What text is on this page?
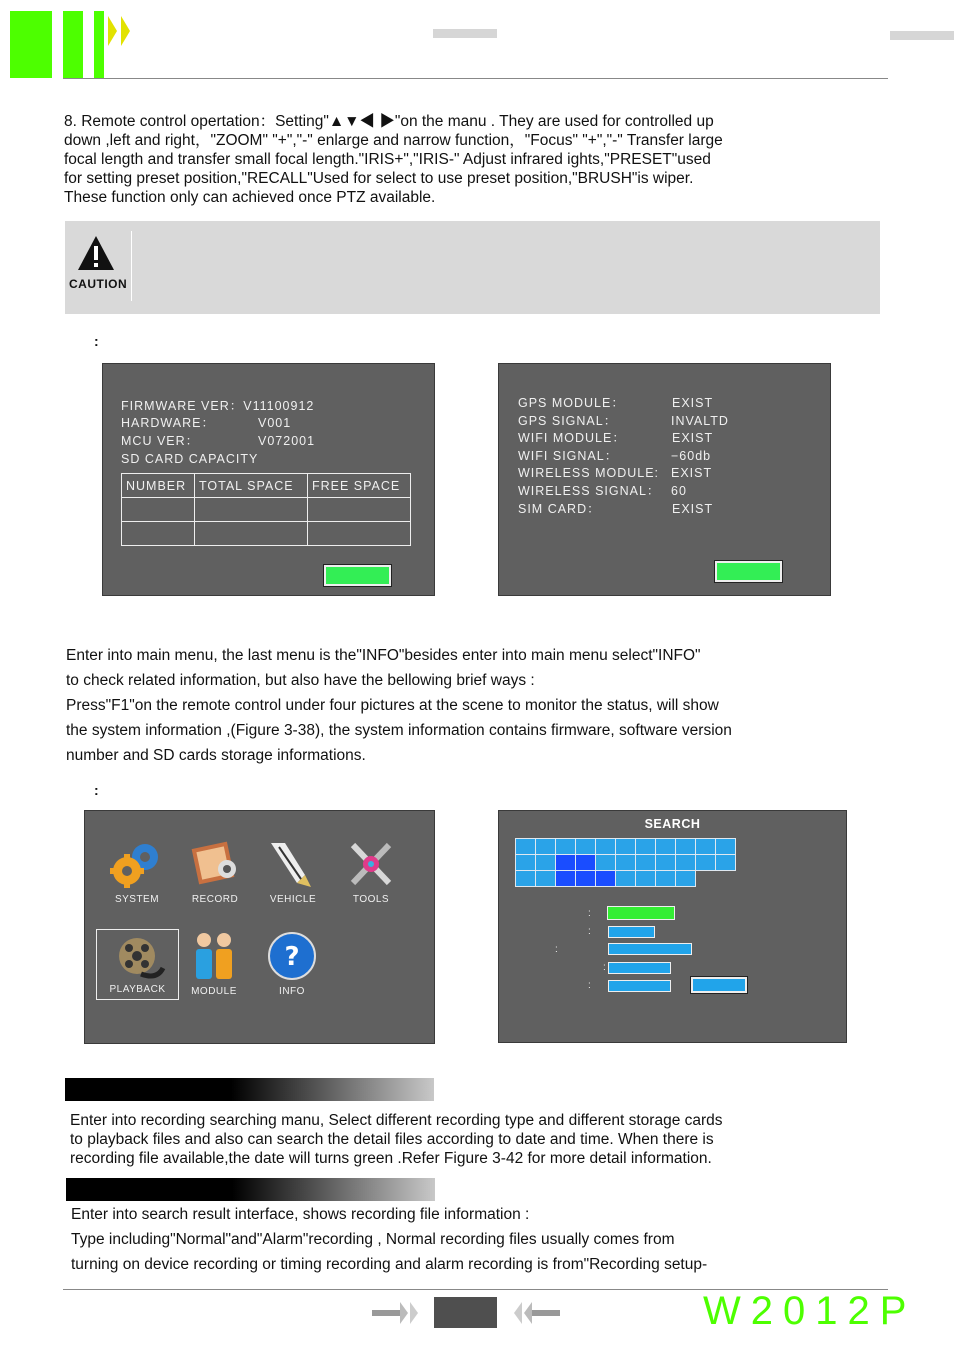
8. Remote control opertation：Setting"▲▼◀ ▶"on the manu . They are used for controlled up

down ,left and right，"ZOOM" "+","-" enlarge and narrow function，"Focus" "+","-" Transfer large

focal length and transfer small focal length."IRIS+","IRIS-" Adjust infrared ights,"PRESET"used

for setting preset position,"RECALL"Used for select to use preset position,"BRUSH"is wiper.

These function only can achieved once PTZ available.

CAUTION
:
FIRMWARE VER：V11100912
HARDWARE：	V001
MCU VER：	V072001
SD CARD CAPACITY
NUMBER	TOTAL SPACE	FREE SPACE

GPS MODULE：	EXIST
GPS SIGNAL：	INVALTD
WIFI MODULE：	EXIST
WIFI SIGNAL：	−60db
WIRELESS MODULE: EXIST
WIRELESS SIGNAL： 60
SIM CARD：	EXIST

Enter into main menu, the last menu is the"INFO"besides enter into main menu select"INFO"

to check related information, but also have the bellowing brief ways :

Press"F1"on the remote control under four pictures at the scene to monitor the status, will show

the system information ,(Figure 3-38), the system information contains firmware, software version

number and SD cards storage informations.

:
SYSTEM	RECORD	VEHICLE	TOOLS
PLAYBACK	MODULE
?
INFO
SEARCH

:
:
:
:
:

Enter into recording searching manu, Select different recording type and different storage cards

to playback files and also can search the detail files according to date and time. When there is

recording file available,the date will turns green .Refer Figure 3-42 for more detail information.

Enter into search result interface, shows recording file information :

Type including"Normal"and"Alarm"recording , Normal recording files usually comes from

turning on device recording or timing recording and alarm recording is from"Recording setup-

W2012P
